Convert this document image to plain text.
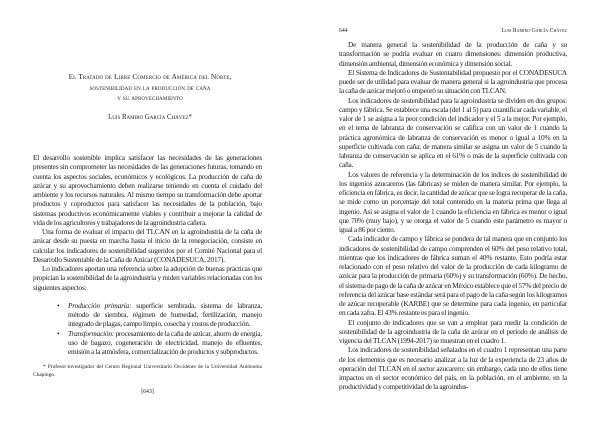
El Tratado de Libre Comercio de América del Norte,
sostenibilidad en la producción de caña
y su aprovechamiento
Luis Ramiro García Chávez*

El desarrollo sostenible implica satisfacer las necesidades de las generaciones presentes sin comprometer las necesidades de las generaciones futuras, tomando en cuenta los aspectos sociales, económicos y ecológicos. La producción de caña de azúcar y su aprovechamiento deben realizarse teniendo en cuenta el cuidado del ambiente y los recursos naturales. Al mismo tiempo su transformación debe aportar productos y coproductos para satisfacer las necesidades de la población, bajo sistemas productivos económicamente viables y contribuir a mejorar la calidad de vida de los agricultores y trabajadores de la agroindustria cañera.

Una forma de evaluar el impacto del TLCAN en la agroindustria de la caña de azúcar desde su puesta en marcha hasta el inicio de la renegociación, consiste en calcular los indicadores de sostenibilidad sugeridos por el Comité Nacional para el Desarrollo Sustentable de la Caña de Azúcar (CONADESUCA, 2017).

Lo indicadores aportan una referencia sobre la adopción de buenas prácticas que propician la sostenibilidad de la agroindustria y miden variables relacionadas con los siguientes aspectos:

• Producción primaria: superficie sembrada, sistema de labranza, método de siembra, régimen de humedad, fertilización, manejo integrado de plagas, campo limpio, cosecha y costos de producción.
• Transformación: procesamiento de la caña de azúcar, ahorro de energía, uso de bagazo, cogeneración de electricidad, manejo de efluentes, emisión a la atmósfera, comercialización de productos y subproductos.
* Profesor-investigador del Centro Regional Universitario Occidente de la Universidad Autónoma Chapingo.
[643]
644	Luis Ramiro García Chávez

De manera general la sostenibilidad de la producción de caña y su transformación se podría evaluar en cuatro dimensiones: dimensión productiva, dimensión ambiental, dimensión económica y dimensión social.

El Sistema de Indicadores de Sustentabilidad propuesto por el CONADESUCA puede ser de utilidad para evaluar de manera general si la agroindustria que procesa la caña de azúcar mejoró o empeoró su situación con TLCAN.

Los indicadores de sostenibilidad para la agroindustria se dividen en dos grupos: campo y fábrica. Se establece una escala (del 1 al 5) para cuantificar cada variable, el valor de 1 se asigna a la peor condición del indicador y el 5 a la mejor. Por ejemplo, en el tema de labranza de conservación se califica con un valor de 1 cuando la práctica agronómica de labranza de conservación es menor o igual a 10% en la superficie cultivada con caña; de manera similar se asigna un valor de 5 cuando la labranza de conservación se aplica en el 61% o más de la superficie cultivada con caña.

Los valores de referencia y la determinación de los índices de sostenibilidad de los ingenios azucareros (las fábricas) se miden de manera similar. Por ejemplo, la eficiencia en fábrica, es decir, la cantidad de azúcar que se logra recuperar de la caña, se mide como un porcentaje del total contenido en la materia prima que llega al ingenio. Así se asigna el valor de 1 cuando la eficiencia en fábrica es menor o igual que 70% (muy bajo), y se otorga el valor de 5 cuando este parámetro es mayor o igual a 86 por ciento.

Cada indicador de campo y fábrica se pondera de tal manera que en conjunto los indicadores de sostenibilidad de campo comprenden el 60% del peso relativo total, mientras que los indicadores de fábrica suman el 40% restante. Esto podría estar relacionado con el peso relativo del valor de la producción de cada kilogramo de azúcar para la producción de primaria (60%) y su transformación (60%). De hecho, el sistema de pago de la caña de azúcar en México establece que el 57% del precio de referencia del azúcar base estándar será para el pago de la caña según los kilogramos de azúcar recuperable (KARBE) que se determine para cada ingenio, en particular en cada zafra. El 43% restante es para el ingenio.

El conjunto de indicadores que se van a emplear para medir la condición de sostenibilidad de la agroindustria de la caña de azúcar en el periodo de análisis de vigencia del TLCAN (1994-2017) se muestran en el cuadro 1.

Los indicadores de sostenibilidad señalados en el cuadro 1 representan una parte de los elementos que es necesario analizar a la luz de la experiencia de 23 años de operación del TLCAN en el sector azucarero; sin embargo, cada uno de ellos tiene impactos en el sector económico del país, en la población, en el ambiente, en la productividad y competitividad de la agroindus-
